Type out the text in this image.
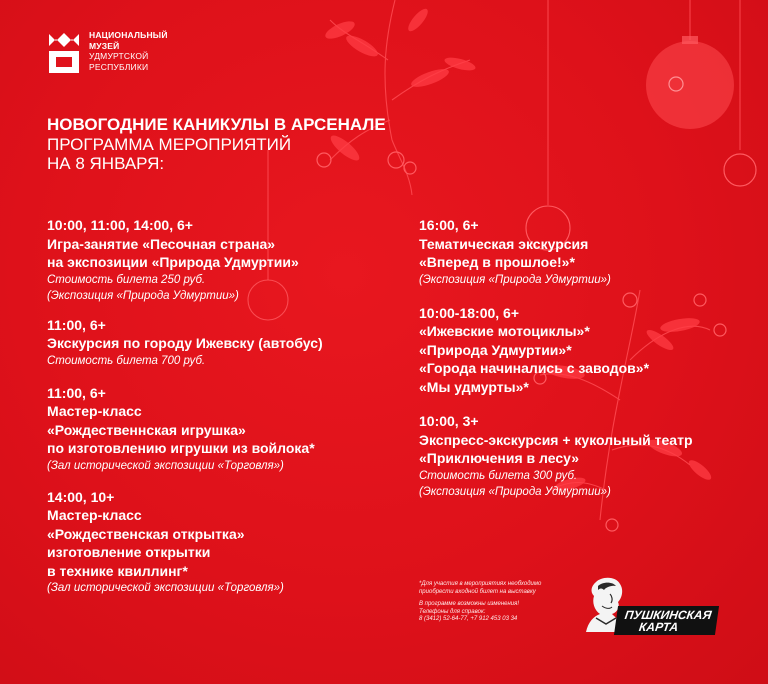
НАЦИОНАЛЬНЫЙ
МУЗЕЙ
УДМУРТСКОЙ
РЕСПУБЛИКИ
НОВОГОДНИЕ КАНИКУЛЫ В АРСЕНАЛЕ
ПРОГРАММА МЕРОПРИЯТИЙ
НА 8 ЯНВАРЯ:
10:00, 11:00, 14:00, 6+
Игра-занятие «Песочная страна»
на экспозиции «Природа Удмуртии»
Стоимость билета 250 руб.
(Экспозиция «Природа Удмуртии»)
11:00, 6+
Экскурсия по городу Ижевску (автобус)
Стоимость билета 700 руб.
11:00, 6+
Мастер-класс
«Рождественнская игрушка»
по изготовлению игрушки из войлока*
(Зал исторической экспозиции «Торговля»)
14:00, 10+
Мастер-класс
«Рождественская открытка»
изготовление открытки
в технике квиллинг*
(Зал исторической экспозиции «Торговля»)
16:00, 6+
Тематическая экскурсия
«Вперед в прошлое!»*
(Экспозиция «Природа Удмуртии»)
10:00-18:00, 6+
«Ижевские мотоциклы»*
«Природа Удмуртии»*
«Города начинались с заводов»*
«Мы удмурты»*
10:00, 3+
Экспресс-экскурсия + кукольный театр
«Приключения в лесу»
Стоимость билета 300 руб.
(Экспозиция «Природа Удмуртии»)
*Для участия в мероприятиях необходимо
приобрести входной билет на выставку
В программе возможны изменения!
Телефоны для справок:
8 (3412) 52-64-77, +7 912 453 03 34	ПУШКИНСКАЯ
КАРТА
